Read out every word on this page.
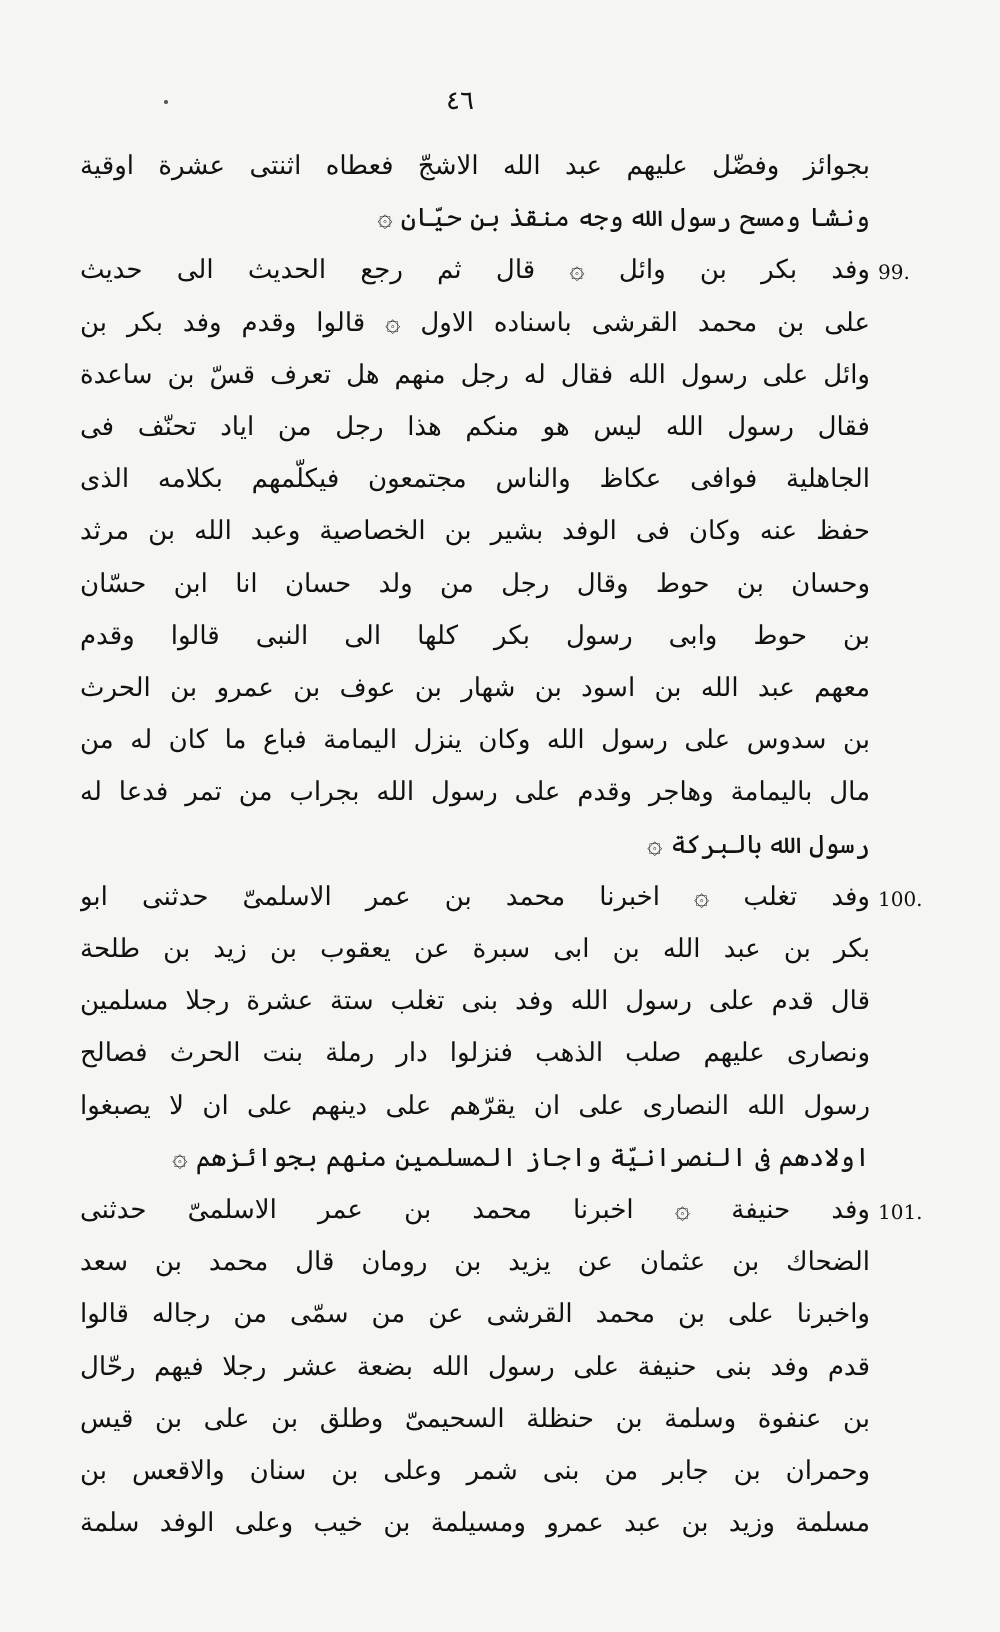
٤٦
بجوائز وفضّل عليهم عبد الله الاشجّ فعطاه اثنتى عشرة اوقية
ونشا ومسح رسول الله وجه منقذ بن حيّان ۞
وفد بكر بن وائل ۞ قال ثم رجع الحديث الى حديث 99.
على بن محمد القرشى باسناده الاول ۞ قالوا وقدم وفد بكر بن
وائل على رسول الله فقال له رجل منهم هل تعرف قسّ بن ساعدة
فقال رسول الله ليس هو منكم هذا رجل من اياد تحنّف فى
الجاهلية فوافى عكاظ والناس مجتمعون فيكلّمهم بكلامه الذى
حفظ عنه وكان فى الوفد بشير بن الخصاصية وعبد الله بن مرثد
وحسان بن حوط وقال رجل من ولد حسان انا ابن حسّان
بن حوط وابى رسول بكر كلها الى النبى قالوا وقدم
معهم عبد الله بن اسود بن شهار بن عوف بن عمرو بن الحرث
بن سدوس على رسول الله وكان ينزل اليمامة فباع ما كان له من
مال باليمامة وهاجر وقدم على رسول الله بجراب من تمر فدعا له
رسول الله بالبركة ۞
وفد تغلب ۞ اخبرنا محمد بن عمر الاسلمىّ حدثنى ابو 100.
بكر بن عبد الله بن ابى سبرة عن يعقوب بن زيد بن طلحة
قال قدم على رسول الله وفد بنى تغلب ستة عشرة رجلا مسلمين
ونصارى عليهم صلب الذهب فنزلوا دار رملة بنت الحرث فصالح
رسول الله النصارى على ان يقرّهم على دينهم على ان لا يصبغوا
اولادهم فى النصرانيّة واجاز المسلمين منهم بجوائزهم ۞
وفد حنيفة ۞ اخبرنا محمد بن عمر الاسلمىّ حدثنى 101.
الضحاك بن عثمان عن يزيد بن رومان قال محمد بن سعد
واخبرنا على بن محمد القرشى عن من سمّى من رجاله قالوا
قدم وفد بنى حنيفة على رسول الله بضعة عشر رجلا فيهم رحّال
بن عنفوة وسلمة بن حنظلة السحيمىّ وطلق بن على بن قيس
وحمران بن جابر من بنى شمر وعلى بن سنان والاقعس بن
مسلمة وزيد بن عبد عمرو ومسيلمة بن خيب وعلى الوفد سلمة
